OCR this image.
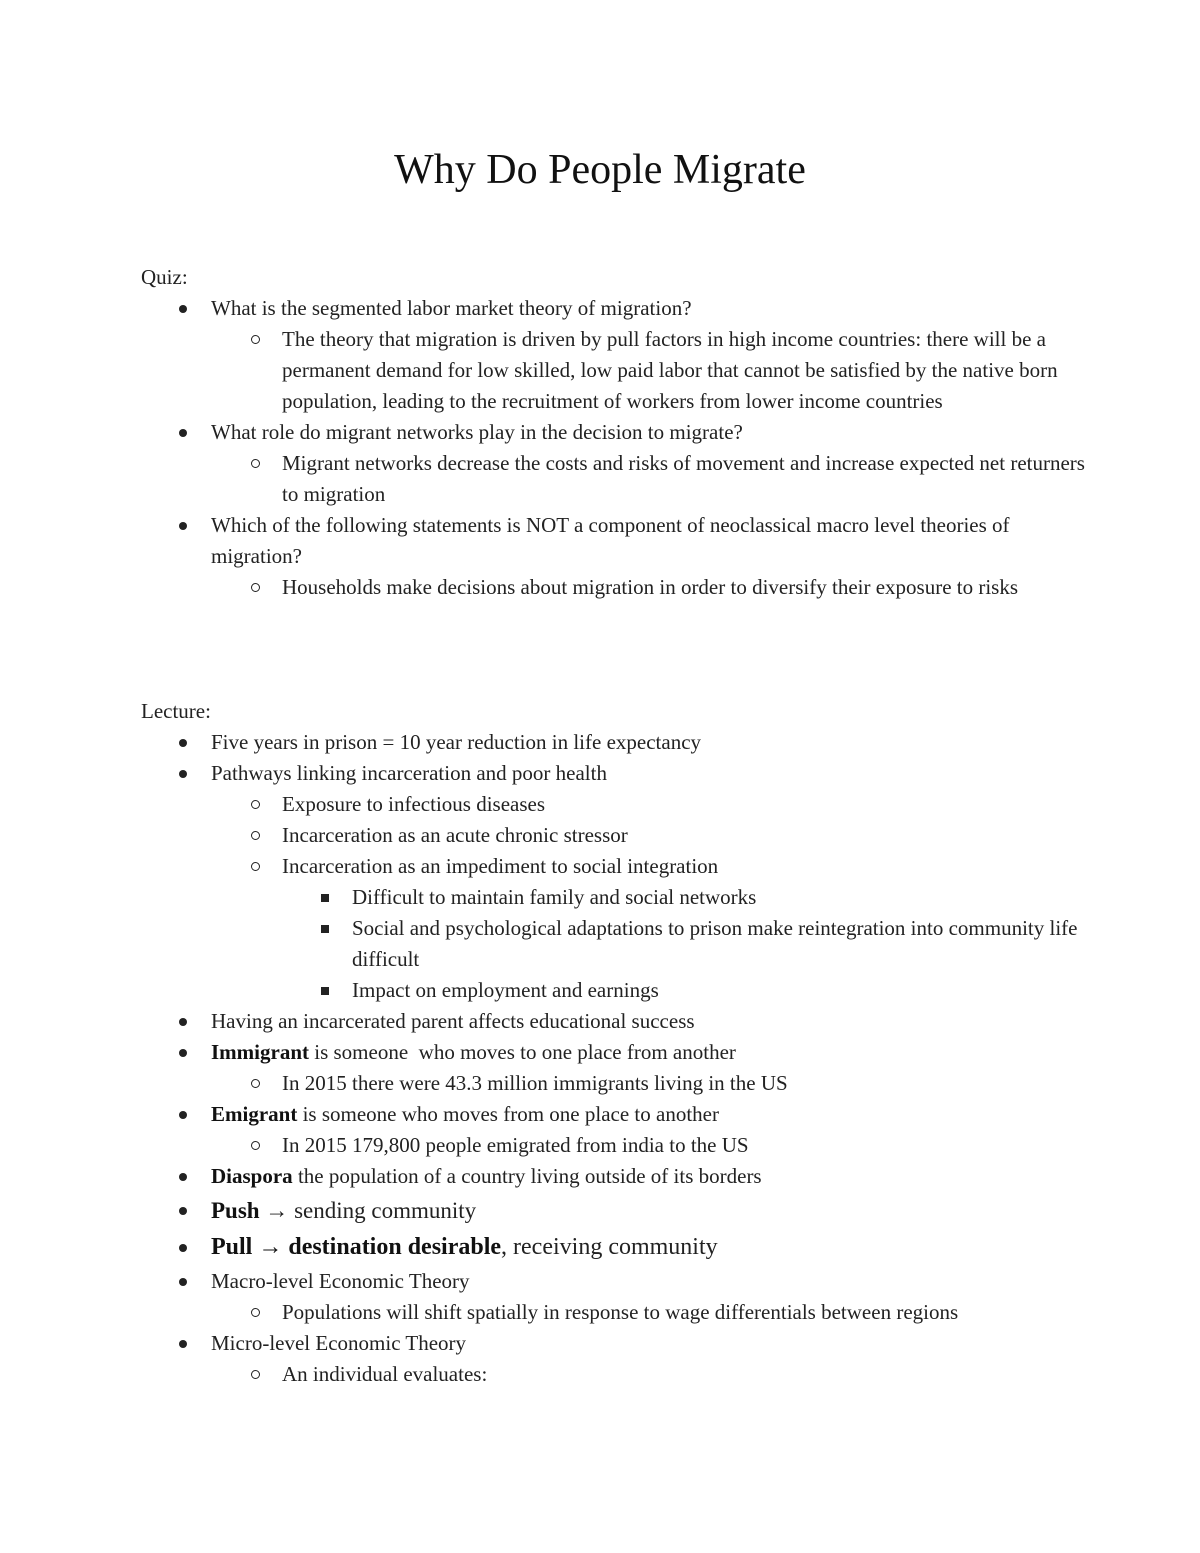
Why Do People Migrate

Quiz:

What is the segmented labor market theory of migration?
The theory that migration is driven by pull factors in high income countries: there will be a permanent demand for low skilled, low paid labor that cannot be satisfied by the native born population, leading to the recruitment of workers from lower income countries
What role do migrant networks play in the decision to migrate?
Migrant networks decrease the costs and risks of movement and increase expected net returners to migration
Which of the following statements is NOT a component of neoclassical macro level theories of migration?
Households make decisions about migration in order to diversify their exposure to risks

Lecture:

Five years in prison = 10 year reduction in life expectancy
Pathways linking incarceration and poor health
Exposure to infectious diseases
Incarceration as an acute chronic stressor
Incarceration as an impediment to social integration
Difficult to maintain family and social networks
Social and psychological adaptations to prison make reintegration into community life difficult
Impact on employment and earnings
Having an incarcerated parent affects educational success
Immigrant is someone  who moves to one place from another
In 2015 there were 43.3 million immigrants living in the US
Emigrant is someone who moves from one place to another
In 2015 179,800 people emigrated from india to the US
Diaspora the population of a country living outside of its borders
Push → sending community
Pull → destination desirable, receiving community
Macro-level Economic Theory
Populations will shift spatially in response to wage differentials between regions
Micro-level Economic Theory
An individual evaluates:
